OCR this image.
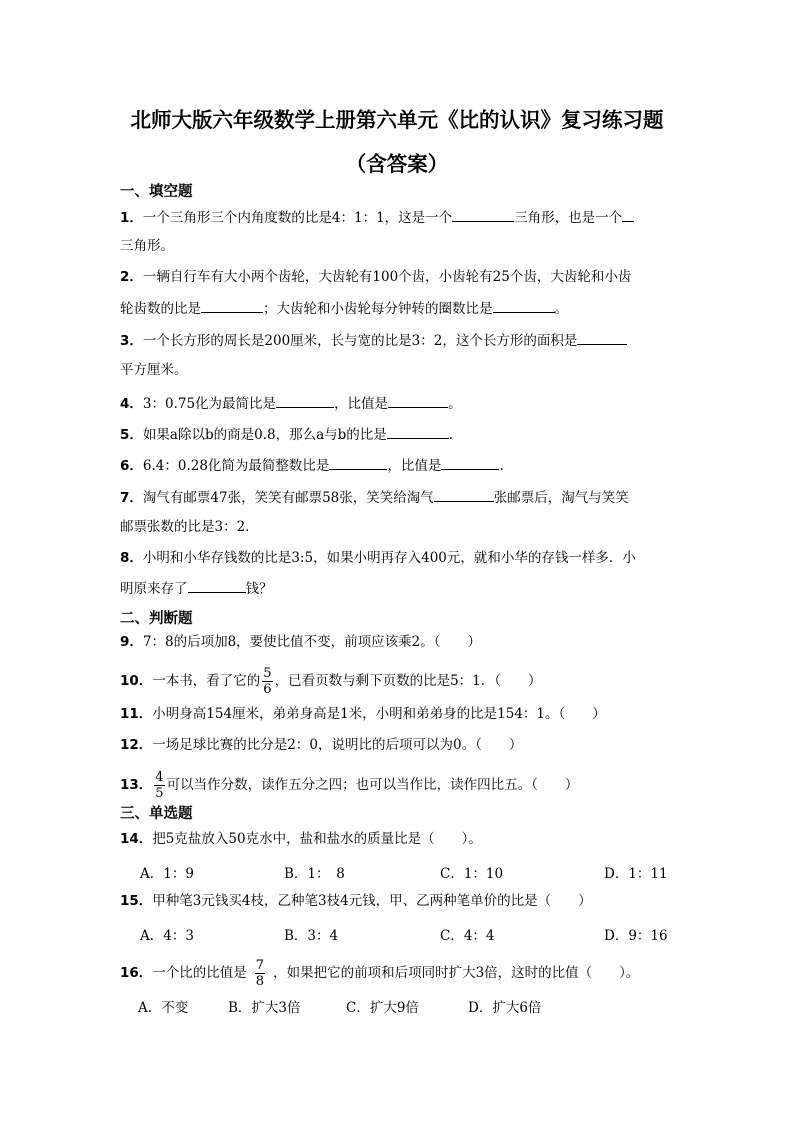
北师大版六年级数学上册第六单元《比的认识》复习练习题
（含答案）
一、填空题
1．一个三角形三个内角度数的比是4：1：1，这是一个	三角形，也是一个
三角形。
2．一辆自行车有大小两个齿轮，大齿轮有100个齿，小齿轮有25个齿，大齿轮和小齿
轮齿数的比是	；大齿轮和小齿轮每分钟转的圈数比是	。
3．一个长方形的周长是200厘米，长与宽的比是3：2，这个长方形的面积是
平方厘米。
4．3：0.75化为最简比是	，比值是	。
5．如果a除以b的商是0.8，那么a与b的比是	．
6．6.4：0.28化简为最简整数比是	，比值是	.
7．淘气有邮票47张，笑笑有邮票58张，笑笑给淘气	张邮票后，淘气与笑笑
邮票张数的比是3：2．
8．小明和小华存钱数的比是3:5，如果小明再存入400元，就和小华的存钱一样多．小
明原来存了	钱？
二、判断题
9．7：8的后项加8，要使比值不变，前项应该乘2。（　　）
10．一本书，看了它的 $\frac{5}{6}$ ，已看页数与剩下页数的比是5：1．（　　）
11．小明身高154厘米，弟弟身高是1米，小明和弟弟身的比是154：1。（　　）
12．一场足球比赛的比分是2：0，说明比的后项可以为0。（　　）
13． $\frac{4}{5}$ 可以当作分数，读作五分之四；也可以当作比，读作四比五。（　　）
三、单选题
14．把5克盐放入50克水中，盐和盐水的质量比是（　　）。
A．1：9	B．1：　8	C．1：10	D．1：11
15．甲种笔3元钱买4枝，乙种笔3枝4元钱，甲、乙两种笔单价的比是（　　）
A．4：3	B．3：4	C．4：4	D．9：16
16．一个比的比值是 $\frac{7}{8}$ ，如果把它的前项和后项同时扩大3倍，这时的比值（　　）。
A．不变	B．扩大3倍	C．扩大9倍	D．扩大6倍
